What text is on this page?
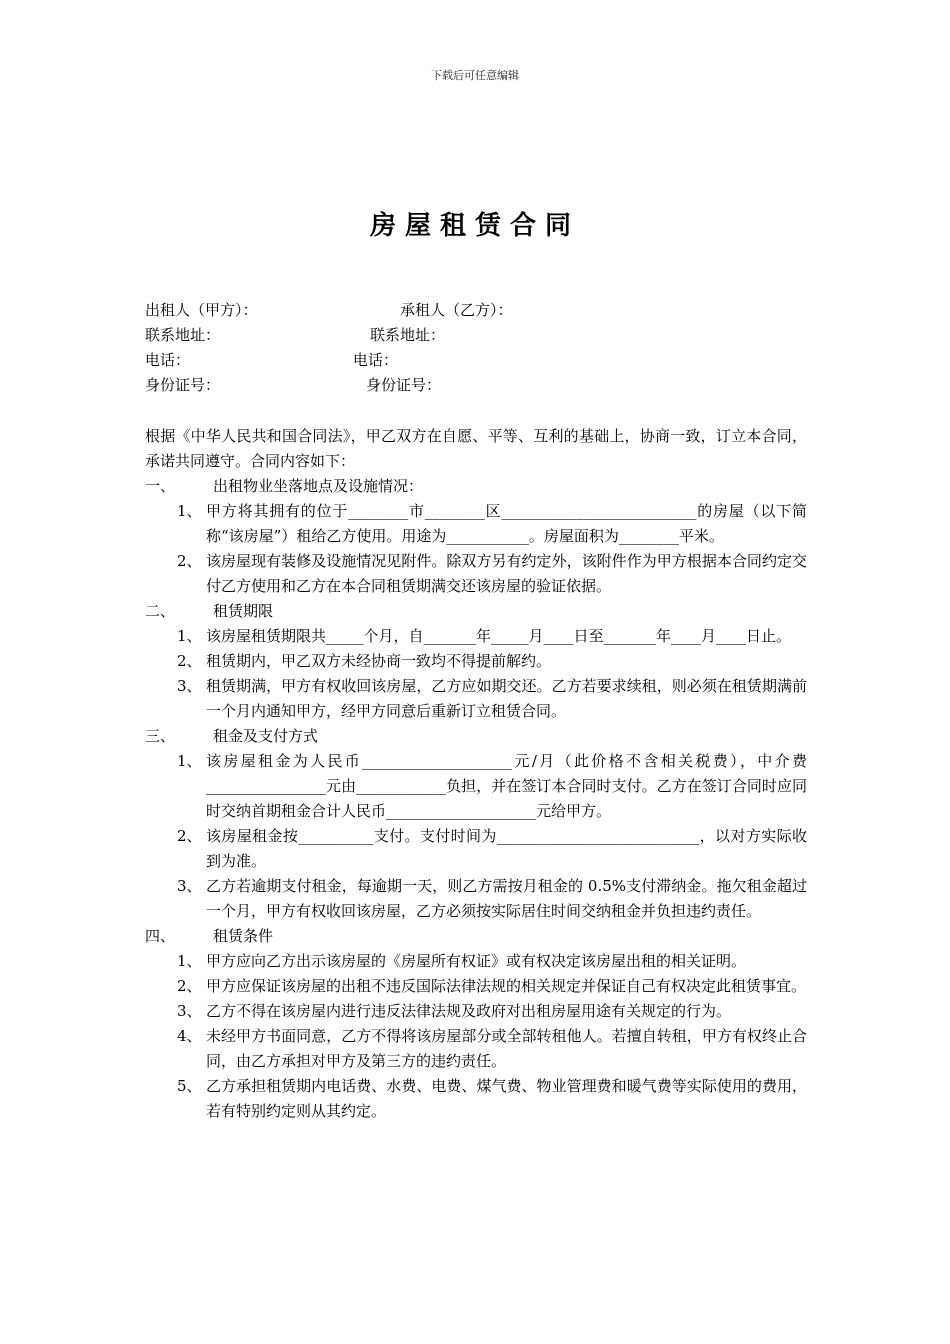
下载后可任意编辑
房屋租赁合同
出租人（甲方）：	承租人（乙方）：
联系地址：	联系地址：
电话：	电话：
身份证号：	身份证号：
根据《中华人民共和国合同法》，甲乙双方在自愿、平等、互利的基础上，协商一致，订立本合同，承诺共同遵守。合同内容如下：
一、	出租物业坐落地点及设施情况：
1、 甲方将其拥有的位于________市________区__________________________的房屋（以下简称“该房屋”）租给乙方使用。用途为___________。房屋面积为________平米。
2、 该房屋现有装修及设施情况见附件。除双方另有约定外，该附件作为甲方根据本合同约定交付乙方使用和乙方在本合同租赁期满交还该房屋的验证依据。
二、	租赁期限
1、 该房屋租赁期限共_____个月，自_______年_____月____日至_______年____月____日止。
2、 租赁期内，甲乙双方未经协商一致均不得提前解约。
3、 租赁期满，甲方有权收回该房屋，乙方应如期交还。乙方若要求续租，则必须在租赁期满前一个月内通知甲方，经甲方同意后重新订立租赁合同。
三、	租金及支付方式
1、 该房屋租金为人民币____________________元/月（此价格不含相关税费），中介费________________元由____________负担，并在签订本合同时支付。乙方在签订合同时应同时交纳首期租金合计人民币____________________元给甲方。
2、 该房屋租金按__________支付。支付时间为___________________________，以对方实际收到为准。
3、 乙方若逾期支付租金，每逾期一天，则乙方需按月租金的 0.5%支付滞纳金。拖欠租金超过一个月，甲方有权收回该房屋，乙方必须按实际居住时间交纳租金并负担违约责任。
四、	租赁条件
1、 甲方应向乙方出示该房屋的《房屋所有权证》或有权决定该房屋出租的相关证明。
2、 甲方应保证该房屋的出租不违反国际法律法规的相关规定并保证自己有权决定此租赁事宜。
3、 乙方不得在该房屋内进行违反法律法规及政府对出租房屋用途有关规定的行为。
4、 未经甲方书面同意，乙方不得将该房屋部分或全部转租他人。若擅自转租，甲方有权终止合同，由乙方承担对甲方及第三方的违约责任。
5、 乙方承担租赁期内电话费、水费、电费、煤气费、物业管理费和暖气费等实际使用的费用，若有特别约定则从其约定。
